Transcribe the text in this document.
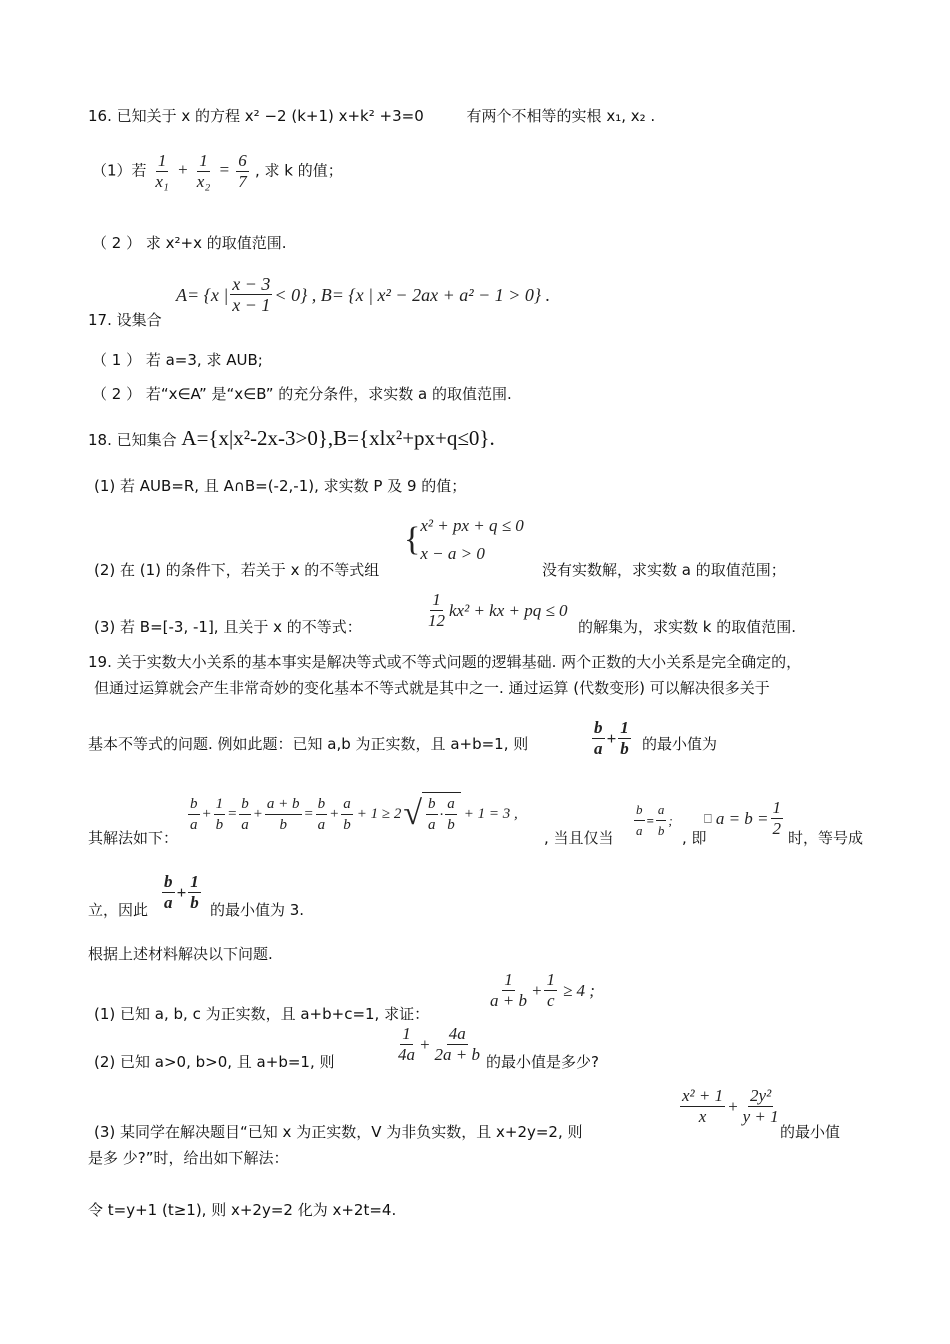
16. 已知关于 x 的方程 x² −2 (k+1) x+k² +3=0	有两个不相等的实根 x₁, x₂ .
（1）若 $\frac{1}{\text{x₁}} + \frac{1}{\text{x₂}} = \frac{6}{7}$ , 求 k 的值；
（ 2 ） 求 x²+x 的取值范围.
17. 设集合
A= {x | $\frac{x - 3}{x - 1} < 0$} , B= {x | x² − 2ax + a² − 1 > 0} .
（ 1 ） 若 a=3, 求 AUB;
（ 2 ） 若“x∈A” 是“x∈B” 的充分条件，求实数 a 的取值范围.
18. 已知集合 A={x|x²-2x-3>0},B={xlx²+px+q≤0}.
(1) 若 AUB=R, 且 A∩B=(-2,-1), 求实数 P 及 9 的值；
(2) 在 (1) 的条件下，若关于 x 的不等式组
{ x² + px + q ≤ 0
x − a > 0
没有实数解，求实数 a 的取值范围；
(3) 若 B=[-3, -1], 且关于 x 的不等式：	$\frac{1}{12} kx^2$ + kx + pq ≤ 0
的解集为，求实数 k 的取值范围.
19. 关于实数大小关系的基本事实是解决等式或不等式问题的逻辑基础. 两个正数的大小关系是完全确定的，
但通过运算就会产生非常奇妙的变化基本不等式就是其中之一. 通过运算 (代数变形) 可以解决很多关于
基本不等式的问题. 例如此题：已知 a,b 为正实数，且 a+b=1, 则	$\frac{b}{a} + \frac{1}{b}$ 的最小值为
其解法如下：
$\frac{b}{a} + \frac{1}{b} = \frac{b}{a} + \frac{a + b}{b} = \frac{b}{a} + \frac{a}{b} + 1 \ge 2$ √ $\frac{b}{a} \cdot \frac{a}{b} + 1 = 3$ ,
, 当且仅当 $\frac{b}{a} = \frac{a}{b}$ ;
, 即
⎕ $a = b = \frac{1}{2}$ 时，等号成
立，因此 $\frac{b}{a} + \frac{1}{b}$ 的最小值为 3.
根据上述材料解决以下问题.
(1) 已知 a, b, c 为正实数，且 a+b+c=1, 求证：
$\frac{1}{a + b} + \frac{1}{c} \ge 4$ ;
(2) 已知 a>0, b>0, 且 a+b=1, 则	$\frac{1}{4a} + \frac{4a}{2a + b}$ 的最小值是多少?
(3) 某同学在解决题目“已知 x 为正实数，V 为非负实数，且 x+2y=2, 则
$\frac{\text{x² + 1}}{x} + \frac{\text{2y²}}{y + 1}$
的最小值
是多 少?”时，给出如下解法：
令 t=y+1 (t≥1), 则 x+2y=2 化为 x+2t=4.
